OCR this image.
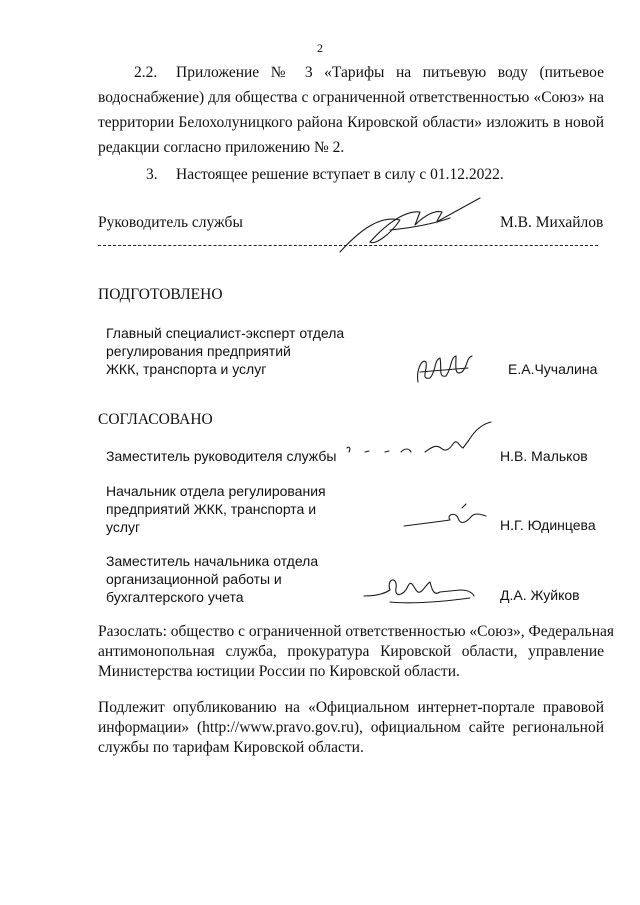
2
2.2. Приложение № 3 «Тарифы на питьевую воду (питьевое
водоснабжение) для общества с ограниченной ответственностью «Союз» на
территории Белохолуницкого района Кировской области» изложить в новой
редакции согласно приложению № 2.
3. Настоящее решение вступает в силу с 01.12.2022.
Руководитель службы	М.В. Михайлов
ПОДГОТОВЛЕНО
Главный специалист-эксперт отдела
регулирования предприятий
ЖКК, транспорта и услуг	Е.А.Чучалина
СОГЛАСОВАНО
Заместитель руководителя службы	Н.В. Мальков
Начальник отдела регулирования
предприятий ЖКК, транспорта и
услуг	Н.Г. Юдинцева
Заместитель начальника отдела
организационной работы и
бухгалтерского учета	Д.А. Жуйков
Разослать: общество с ограниченной ответственностью «Союз», Федеральная
антимонопольная служба, прокуратура Кировской области, управление
Министерства юстиции России по Кировской области.
Подлежит опубликованию на «Официальном интернет-портале правовой
информации» (http://www.pravo.gov.ru), официальном сайте региональной
службы по тарифам Кировской области.
